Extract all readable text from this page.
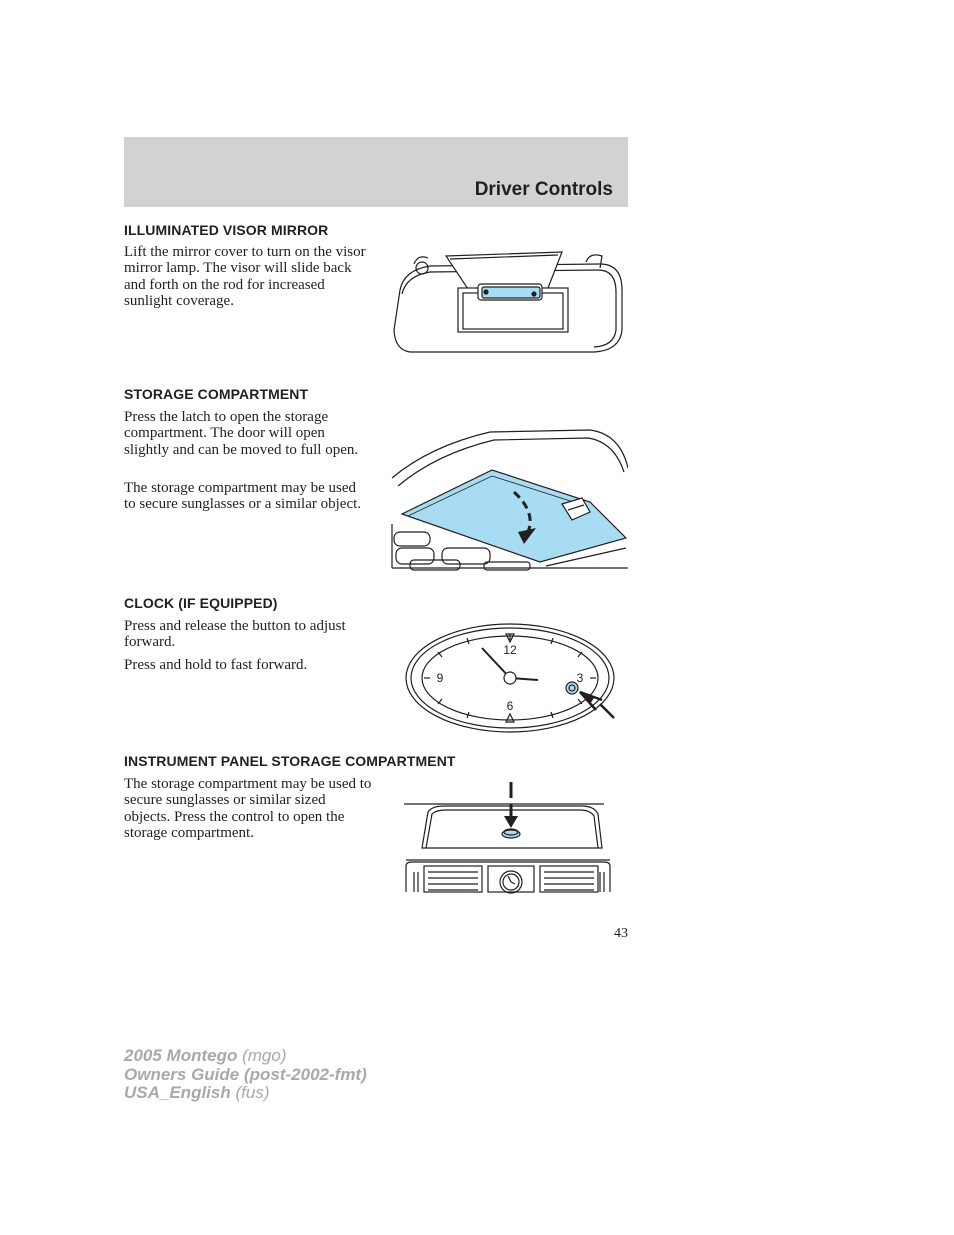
Driver Controls
ILLUMINATED VISOR MIRROR

Lift the mirror cover to turn on the visor mirror lamp. The visor will slide back and forth on the rod for increased sunlight coverage.

STORAGE COMPARTMENT

Press the latch to open the storage compartment. The door will open slightly and can be moved to full open.

The storage compartment may be used to secure sunglasses or a similar object.

CLOCK (IF EQUIPPED)

Press and release the button to adjust forward.

Press and hold to fast forward.

12
3
6
9
INSTRUMENT PANEL STORAGE COMPARTMENT

The storage compartment may be used to secure sunglasses or similar sized objects. Press the control to open the storage compartment.

43
2005 Montego (mgo)
Owners Guide (post-2002-fmt)
USA_English (fus)
